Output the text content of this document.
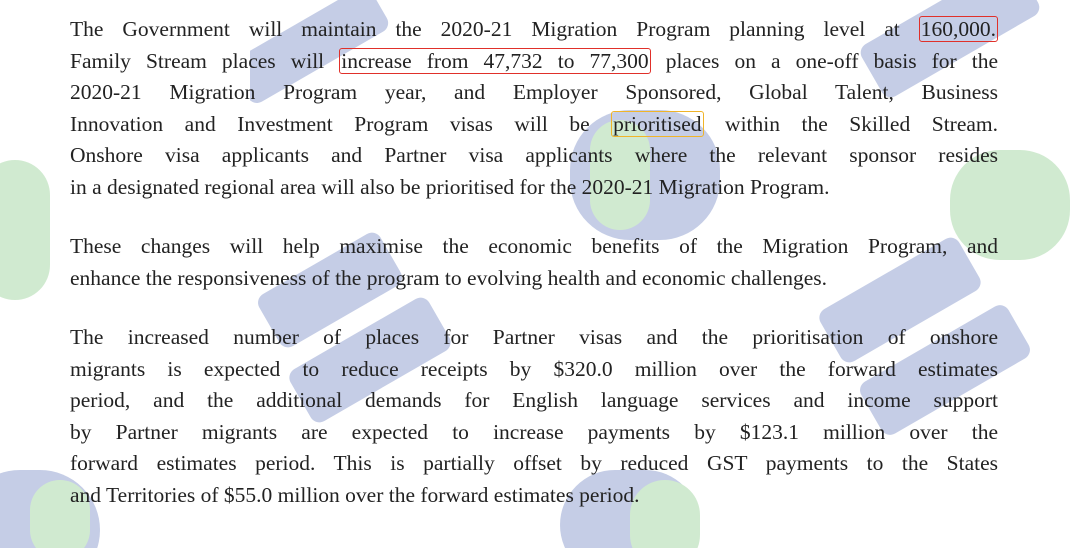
The Government will maintain the 2020-21 Migration Program planning level at 160,000.
Family Stream places will increase from 47,732 to 77,300 places on a one-off basis for the
2020-21 Migration Program year, and Employer Sponsored, Global Talent, Business
Innovation and Investment Program visas will be prioritised within the Skilled Stream.
Onshore visa applicants and Partner visa applicants where the relevant sponsor resides
in a designated regional area will also be prioritised for the 2020-21 Migration Program.
These changes will help maximise the economic benefits of the Migration Program, and
enhance the responsiveness of the program to evolving health and economic challenges.
The increased number of places for Partner visas and the prioritisation of onshore
migrants is expected to reduce receipts by $320.0 million over the forward estimates
period, and the additional demands for English language services and income support
by Partner migrants are expected to increase payments by $123.1 million over the
forward estimates period. This is partially offset by reduced GST payments to the States
and Territories of $55.0 million over the forward estimates period.
